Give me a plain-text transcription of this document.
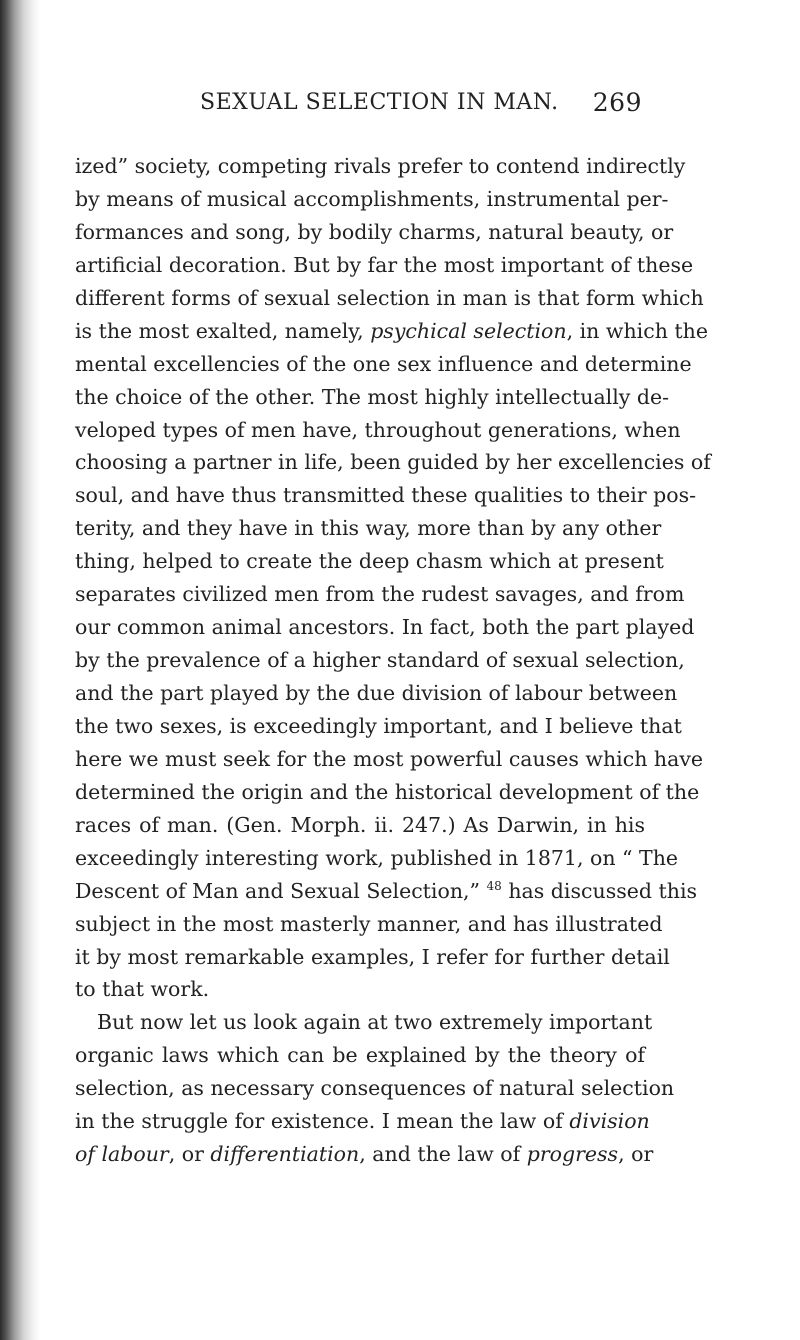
SEXUAL SELECTION IN MAN. 269
ized” society, competing rivals prefer to contend indirectly
by means of musical accomplishments, instrumental per-
formances and song, by bodily charms, natural beauty, or
artificial decoration. But by far the most important of these
different forms of sexual selection in man is that form which
is the most exalted, namely, psychical selection, in which the
mental excellencies of the one sex influence and determine
the choice of the other. The most highly intellectually de-
veloped types of men have, throughout generations, when
choosing a partner in life, been guided by her excellencies of
soul, and have thus transmitted these qualities to their pos-
terity, and they have in this way, more than by any other
thing, helped to create the deep chasm which at present
separates civilized men from the rudest savages, and from
our common animal ancestors. In fact, both the part played
by the prevalence of a higher standard of sexual selection,
and the part played by the due division of labour between
the two sexes, is exceedingly important, and I believe that
here we must seek for the most powerful causes which have
determined the origin and the historical development of the
races of man. (Gen. Morph. ii. 247.) As Darwin, in his
exceedingly interesting work, published in 1871, on “ The
Descent of Man and Sexual Selection,” $^{48}$ has discussed this
subject in the most masterly manner, and has illustrated
it by most remarkable examples, I refer for further detail
to that work.
But now let us look again at two extremely important
organic laws which can be explained by the theory of
selection, as necessary consequences of natural selection
in the struggle for existence. I mean the law of division
of labour, or differentiation, and the law of progress, or
